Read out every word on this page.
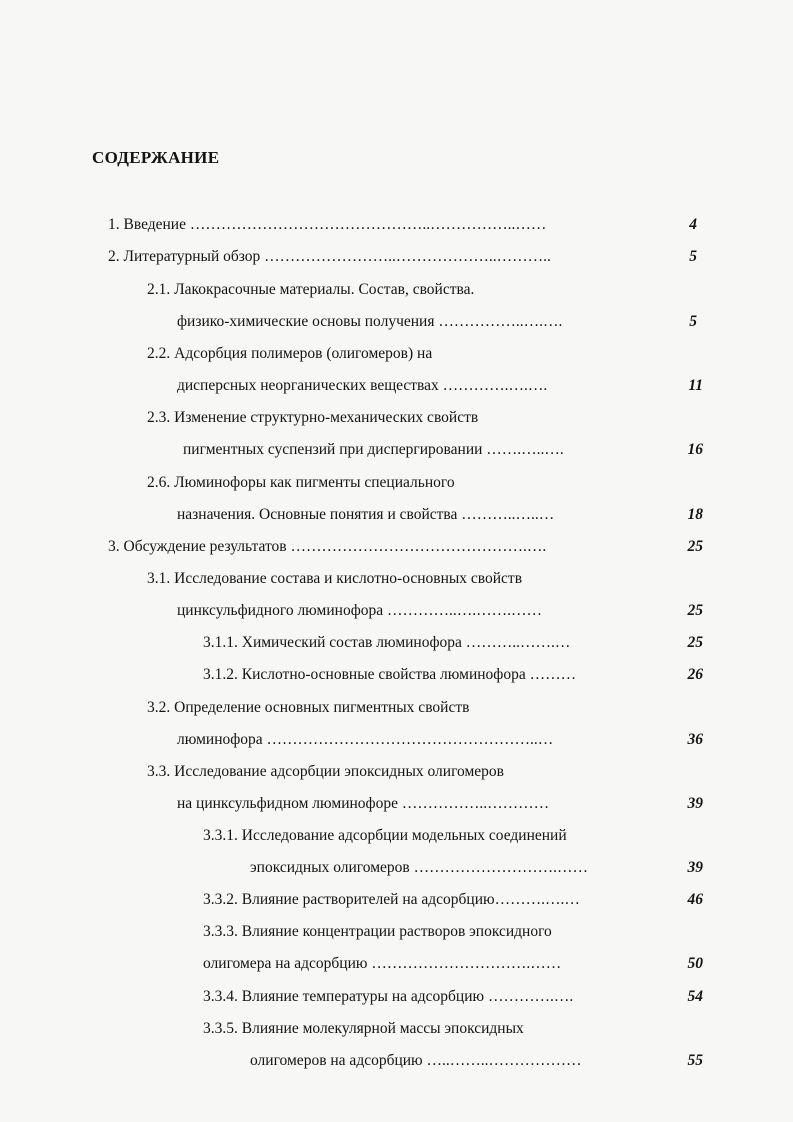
СОДЕРЖАНИЕ
1. Введение ………………………………………..……………..……	4
2. Литературный обзор ……………………..………………..………..	5
2.1. Лакокрасочные материалы. Состав, свойства.
физико-химические основы получения ……………..….….	5
2.2. Адсорбция полимеров (олигомеров) на
дисперсных неорганических веществах ………….….….	11
2.3. Изменение структурно-механических свойств
пигментных суспензий при диспергировании …….…..….	16
2.6. Люминофоры как пигменты специального
назначения. Основные понятия и свойства ………..…..…	18
3. Обсуждение результатов ……………………………………….….	25
3.1. Исследование состава и кислотно-основных свойств
цинксульфидного люминофора …………..….…….……	25
3.1.1. Химический состав люминофора ………..…….…	25
3.1.2. Кислотно-основные свойства люминофора ………	26
3.2. Определение основных пигментных свойств
люминофора ……………………………………………..…	36
3.3. Исследование адсорбции эпоксидных олигомеров
на цинксульфидном люминофоре ……………..…………	39
3.3.1. Исследование адсорбции модельных соединений
эпоксидных олигомеров ……………………….……	39
3.3.2. Влияние растворителей на адсорбцию……….….…	46
3.3.3. Влияние концентрации растворов эпоксидного
олигомера на адсорбцию ………………………….……	50
3.3.4. Влияние температуры на адсорбцию ………….….	54
3.3.5. Влияние молекулярной массы эпоксидных
олигомеров на адсорбцию …..……..………………	55
